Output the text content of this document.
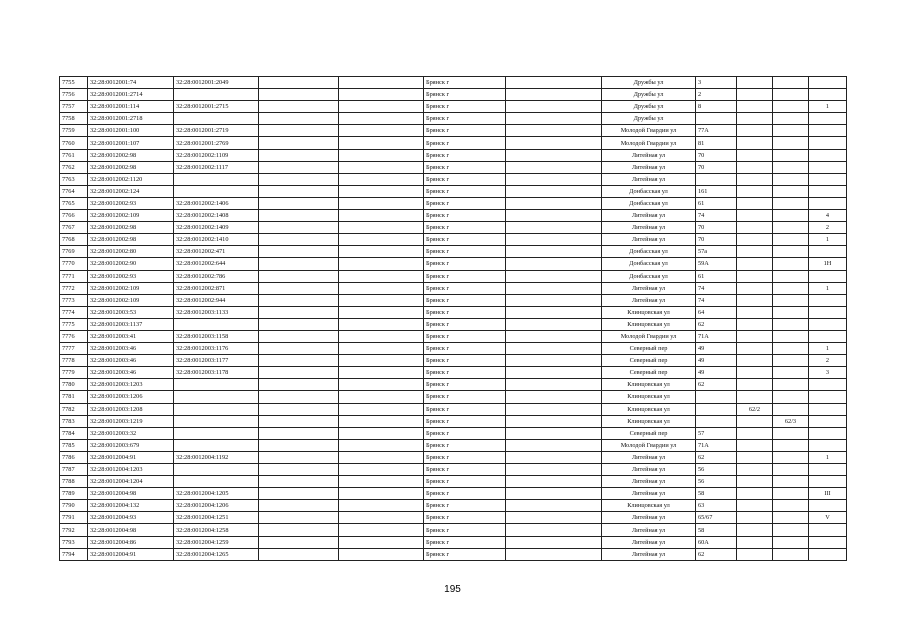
7755	32:28:0012001:74	32:28:0012001:2049			Брянск г		Дружбы ул	3			
7756	32:28:0012001:2714				Брянск г		Дружбы ул	2			
7757	32:28:0012001:114	32:28:0012001:2715			Брянск г		Дружбы ул	8			1
7758	32:28:0012001:2718				Брянск г		Дружбы ул				
7759	32:28:0012001:100	32:28:0012001:2719			Брянск г		Молодой Гвардии ул	77А			
7760	32:28:0012001:107	32:28:0012001:2769			Брянск г		Молодой Гвардии ул	81			
7761	32:28:0012002:98	32:28:0012002:1109			Брянск г		Литейная ул	70			
7762	32:28:0012002:98	32:28:0012002:1117			Брянск г		Литейная ул	70			
7763	32:28:0012002:1120				Брянск г		Литейная ул				
7764	32:28:0012002:124				Брянск г		Донбасская ул	161			
7765	32:28:0012002:93	32:28:0012002:1406			Брянск г		Донбасская ул	61			
7766	32:28:0012002:109	32:28:0012002:1408			Брянск г		Литейная ул	74			4
7767	32:28:0012002:98	32:28:0012002:1409			Брянск г		Литейная ул	70			2
7768	32:28:0012002:98	32:28:0012002:1410			Брянск г		Литейная ул	70			1
7769	32:28:0012002:80	32:28:0012002:471			Брянск г		Донбасская ул	57а			
7770	32:28:0012002:90	32:28:0012002:644			Брянск г		Донбасская ул	59А			1Н
7771	32:28:0012002:93	32:28:0012002:786			Брянск г		Донбасская ул	61			
7772	32:28:0012002:109	32:28:0012002:871			Брянск г		Литейная ул	74			1
7773	32:28:0012002:109	32:28:0012002:944			Брянск г		Литейная ул	74			
7774	32:28:0012003:53	32:28:0012003:1133			Брянск г		Клинцовская ул	64			
7775	32:28:0012003:1137				Брянск г		Клинцовская ул	62			
7776	32:28:0012003:41	32:28:0012003:1158			Брянск г		Молодой Гвардии ул	71А			
7777	32:28:0012003:46	32:28:0012003:1176			Брянск г		Северный пер	49			1
7778	32:28:0012003:46	32:28:0012003:1177			Брянск г		Северный пер	49			2
7779	32:28:0012003:46	32:28:0012003:1178			Брянск г		Северный пер	49			3
7780	32:28:0012003:1203				Брянск г		Клинцовская ул	62			
7781	32:28:0012003:1206				Брянск г		Клинцовская ул				
7782	32:28:0012003:1208				Брянск г		Клинцовская ул		62/2		
7783	32:28:0012003:1219				Брянск г		Клинцовская ул			62/3	
7784	32:28:0012003:32				Брянск г		Северный пер	57			
7785	32:28:0012003:679				Брянск г		Молодой Гвардии ул	71А			
7786	32:28:0012004:91	32:28:0012004:1192			Брянск г		Литейная ул	62			1
7787	32:28:0012004:1203				Брянск г		Литейная ул	56			
7788	32:28:0012004:1204				Брянск г		Литейная ул	56			
7789	32:28:0012004:98	32:28:0012004:1205			Брянск г		Литейная ул	58			III
7790	32:28:0012004:132	32:28:0012004:1206			Брянск г		Клинцовская ул	63			
7791	32:28:0012004:93	32:28:0012004:1251			Брянск г		Литейная ул	65/67			V
7792	32:28:0012004:98	32:28:0012004:1258			Брянск г		Литейная ул	58			
7793	32:28:0012004:86	32:28:0012004:1259			Брянск г		Литейная ул	60А			
7794	32:28:0012004:91	32:28:0012004:1265			Брянск г		Литейная ул	62			
195
